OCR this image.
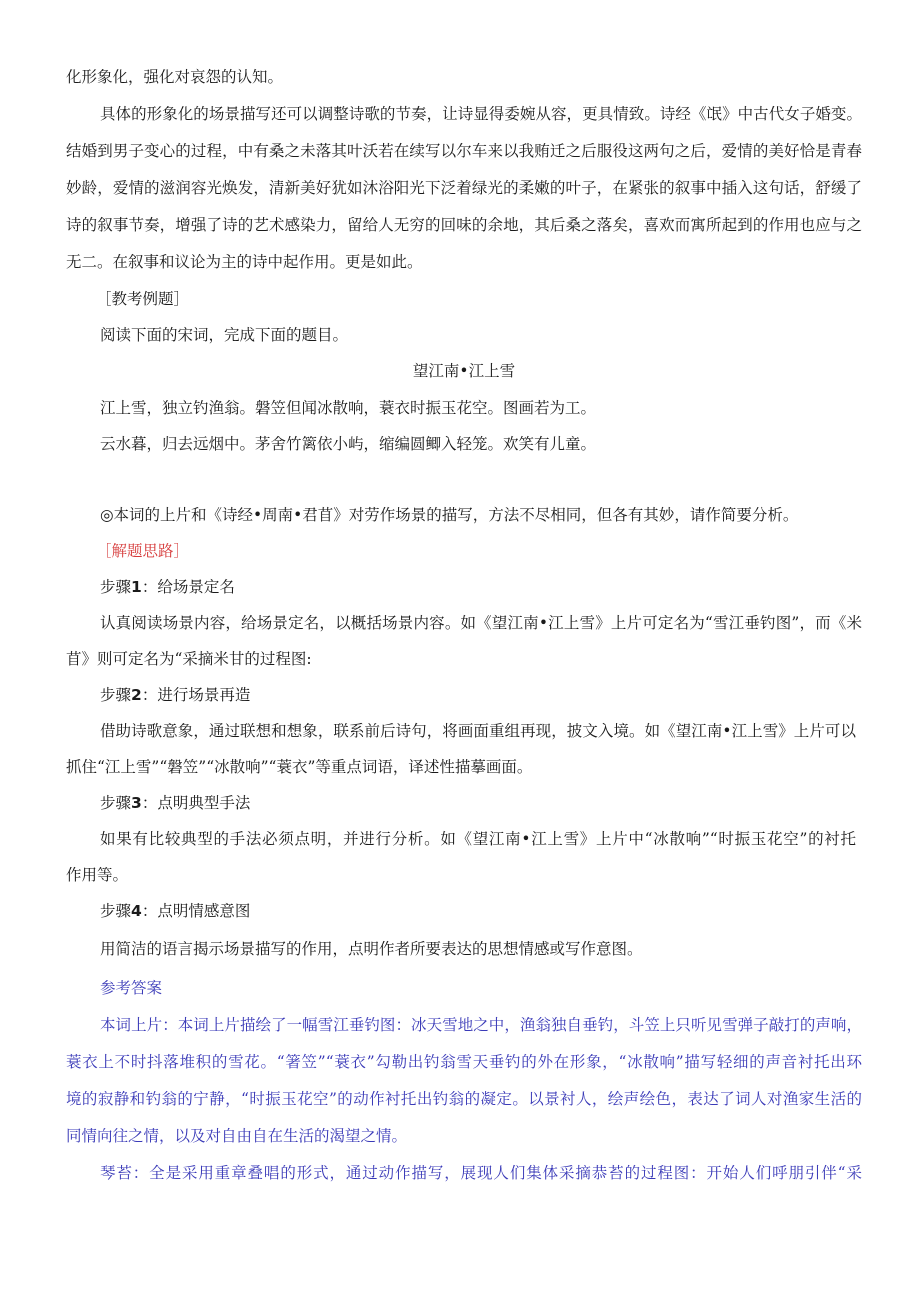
化形象化，强化对哀怨的认知。
具体的形象化的场景描写还可以调整诗歌的节奏，让诗显得委婉从容，更具情致。诗经《氓》中古代女子婚变。
结婚到男子变心的过程，中有桑之未落其叶沃若在续写以尔车来以我贿迁之后服役这两句之后，爱情的美好恰是青春
妙龄，爱情的滋润容光焕发，清新美好犹如沐浴阳光下泛着绿光的柔嫩的叶子，在紧张的叙事中插入这句话，舒缓了
诗的叙事节奏，增强了诗的艺术感染力，留给人无穷的回味的余地，其后桑之落矣，喜欢而寓所起到的作用也应与之
无二。在叙事和议论为主的诗中起作用。更是如此。
［教考例题］
阅读下面的宋词，完成下面的题目。
望江南•江上雪
江上雪，独立钓渔翁。磐笠但闻冰散响，蓑衣时振玉花空。图画若为工。
云水暮，归去远烟中。茅舍竹篱依小屿，缩编圆鲫入轻笼。欢笑有儿童。
◎本词的上片和《诗经•周南•君苜》对劳作场景的描写，方法不尽相同，但各有其妙，请作简要分析。
［解题思路］
步骤1：给场景定名
认真阅读场景内容，给场景定名，以概括场景内容。如《望江南•江上雪》上片可定名为“雪江垂钓图”，而《米
苜》则可定名为“采摘米甘的过程图:
步骤2：进行场景再造
借助诗歌意象，通过联想和想象，联系前后诗句，将画面重组再现，披文入境。如《望江南•江上雪》上片可以
抓住“江上雪”“磐笠”“冰散响”“蓑衣”等重点词语，译述性描摹画面。
步骤3：点明典型手法
如果有比较典型的手法必须点明，并进行分析。如《望江南•江上雪》上片中“冰散响”“时振玉花空”的衬托
作用等。
步骤4：点明情感意图
用简洁的语言揭示场景描写的作用，点明作者所要表达的思想情感或写作意图。
参考答案
本词上片：本词上片描绘了一幅雪江垂钓图：冰天雪地之中，渔翁独自垂钓，斗笠上只听见雪弹子敲打的声响，
蓑衣上不时抖落堆积的雪花。“箸笠”“蓑衣”勾勒出钓翁雪天垂钓的外在形象，“冰散响”描写轻细的声音衬托出环
境的寂静和钓翁的宁静，“时振玉花空”的动作衬托出钓翁的凝定。以景衬人，绘声绘色，表达了词人对渔家生活的
同情向往之情，以及对自由自在生活的渴望之情。
琴苔：全是采用重章叠唱的形式，通过动作描写，展现人们集体采摘恭苔的过程图：开始人们呼朋引伴“采
